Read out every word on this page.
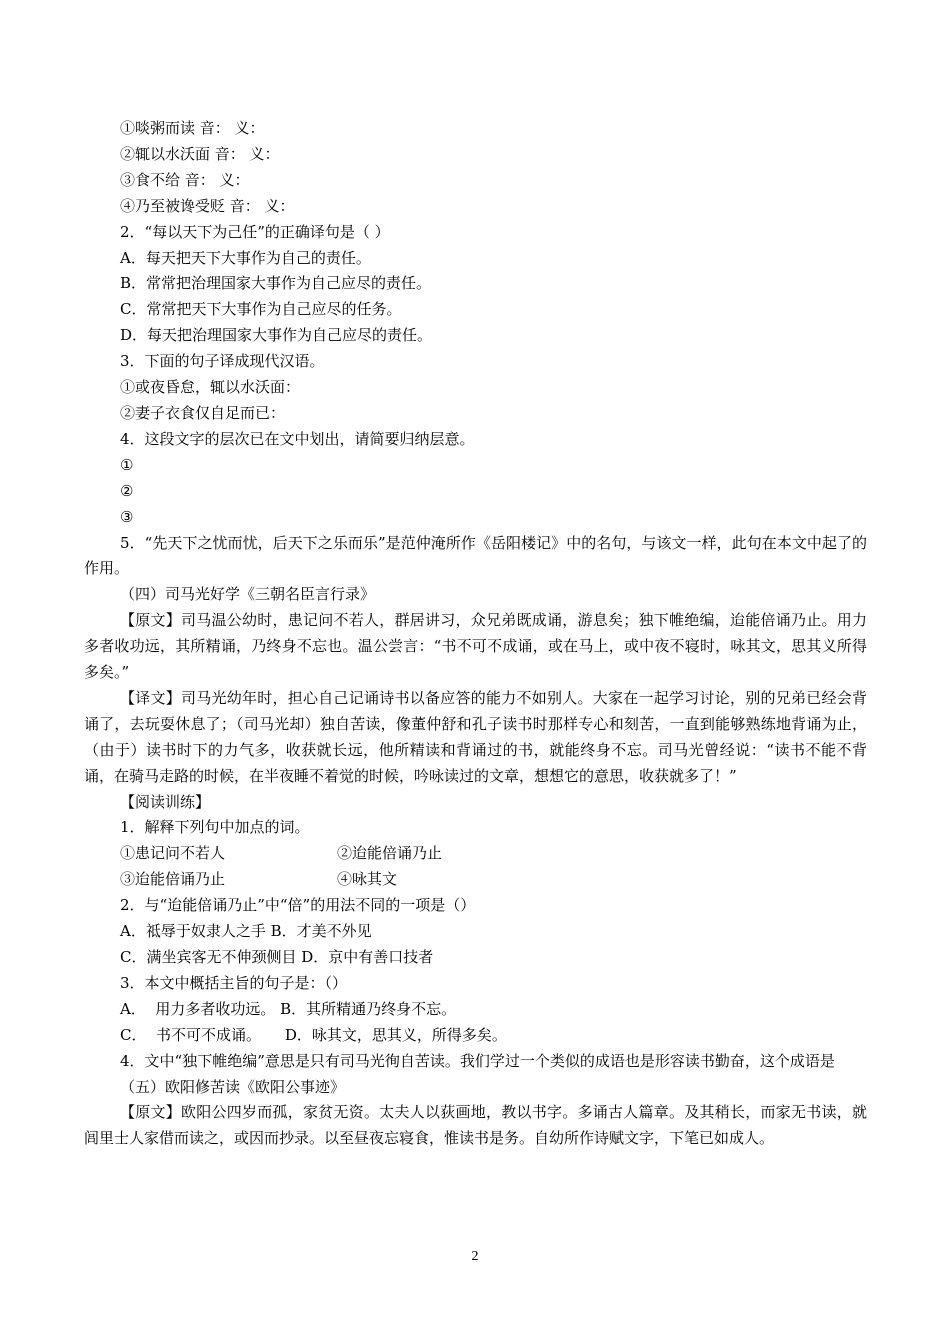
①啖粥而读 音： 义：
②辄以水沃面 音： 义：
③食不给 音： 义：
④乃至被谗受贬 音： 义：
2．“每以天下为己任”的正确译句是（ ）
A．每天把天下大事作为自己的责任。
B．常常把治理国家大事作为自己应尽的责任。
C．常常把天下大事作为自己应尽的任务。
D．每天把治理国家大事作为自己应尽的责任。
3．下面的句子译成现代汉语。
①或夜昏怠，辄以水沃面：
②妻子衣食仅自足而已：
4．这段文字的层次已在文中划出，请简要归纳层意。
①
②
③
5．“先天下之忧而忧，后天下之乐而乐”是范仲淹所作《岳阳楼记》中的名句，与该文一样，此句在本文中起了的作用。
（四）司马光好学《三朝名臣言行录》
【原文】司马温公幼时，患记问不若人，群居讲习，众兄弟既成诵，游息矣；独下帷绝编，迨能倍诵乃止。用力多者收功远，其所精诵，乃终身不忘也。温公尝言：“书不可不成诵，或在马上，或中夜不寝时，咏其文，思其义所得多矣。”
【译文】司马光幼年时，担心自己记诵诗书以备应答的能力不如别人。大家在一起学习讨论，别的兄弟已经会背诵了，去玩耍休息了；（司马光却）独自苦读，像董仲舒和孔子读书时那样专心和刻苦，一直到能够熟练地背诵为止，（由于）读书时下的力气多，收获就长远，他所精读和背诵过的书，就能终身不忘。司马光曾经说：“读书不能不背诵，在骑马走路的时候，在半夜睡不着觉的时候，吟咏读过的文章，想想它的意思，收获就多了！”
【阅读训练】
1．解释下列句中加点的词。
①患记问不若人	②迨能倍诵乃止
③迨能倍诵乃止	④咏其文
2．与“迨能倍诵乃止”中“倍”的用法不同的一项是（）
A．祗辱于奴隶人之手 B．才美不外见
C．满坐宾客无不伸颈侧目 D．京中有善口技者
3．本文中概括主旨的句子是：（）
A．  用力多者收功远。 B．其所精通乃终身不忘。
C．  书不可不成诵。     D．咏其文，思其义，所得多矣。
4．文中“独下帷绝编”意思是只有司马光徇自苦读。我们学过一个类似的成语也是形容读书勤奋，这个成语是
（五）欧阳修苦读《欧阳公事迹》
【原文】欧阳公四岁而孤，家贫无资。太夫人以荻画地，教以书字。多诵古人篇章。及其稍长，而家无书读，就闾里士人家借而读之，或因而抄录。以至昼夜忘寝食，惟读书是务。自幼所作诗赋文字，下笔已如成人。
2
